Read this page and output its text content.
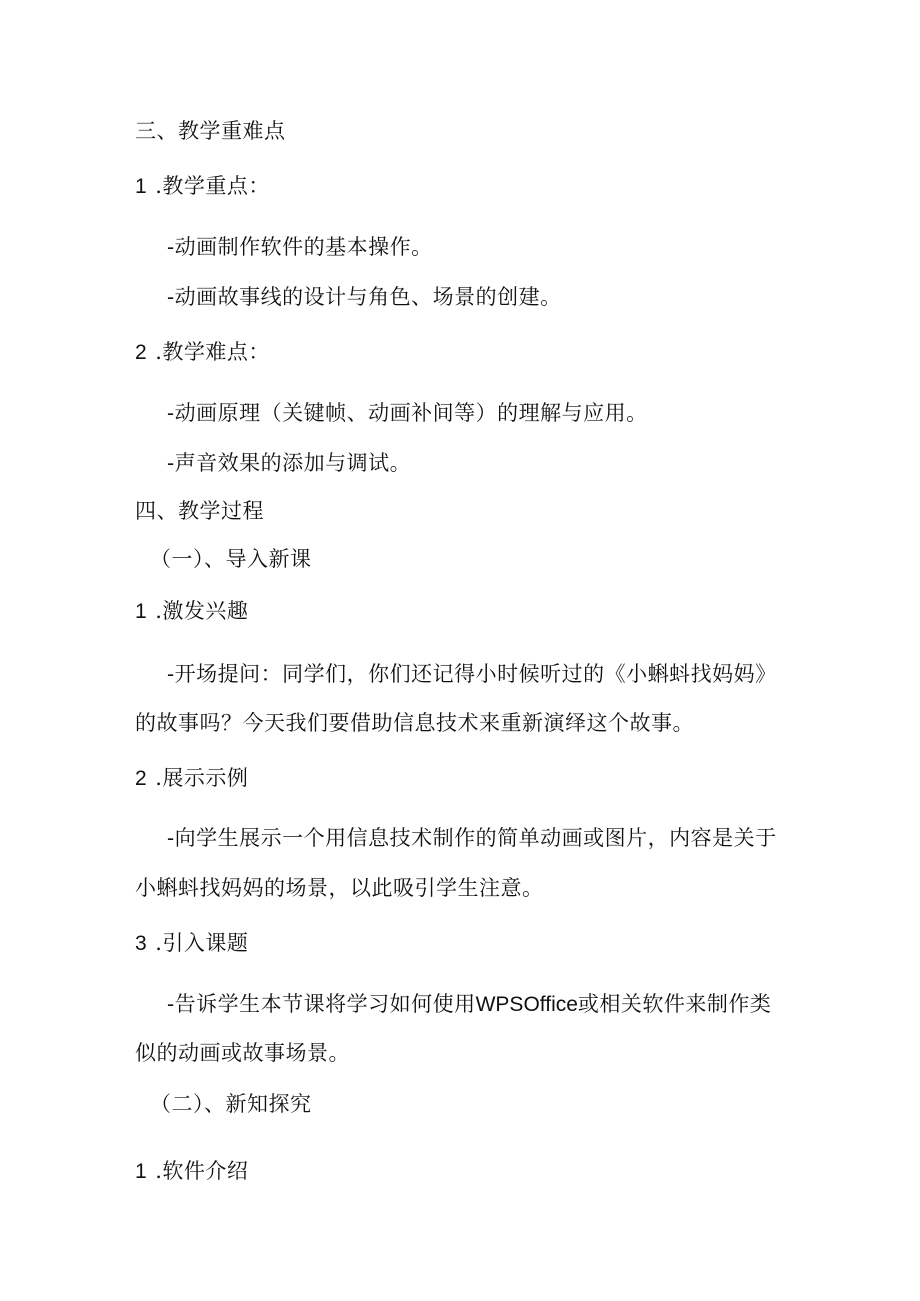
三、教学重难点
1 .教学重点：
-动画制作软件的基本操作。
-动画故事线的设计与角色、场景的创建。
2 .教学难点：
-动画原理（关键帧、动画补间等）的理解与应用。
-声音效果的添加与调试。
四、教学过程
（一）、导入新课
1 .激发兴趣
-开场提问：同学们，你们还记得小时候听过的《小蝌蚪找妈妈》
的故事吗？今天我们要借助信息技术来重新演绎这个故事。
2 .展示示例
-向学生展示一个用信息技术制作的简单动画或图片，内容是关于
小蝌蚪找妈妈的场景，以此吸引学生注意。
3 .引入课题
-告诉学生本节课将学习如何使用WPSOffice或相关软件来制作类
似的动画或故事场景。
（二）、新知探究
1 .软件介绍
